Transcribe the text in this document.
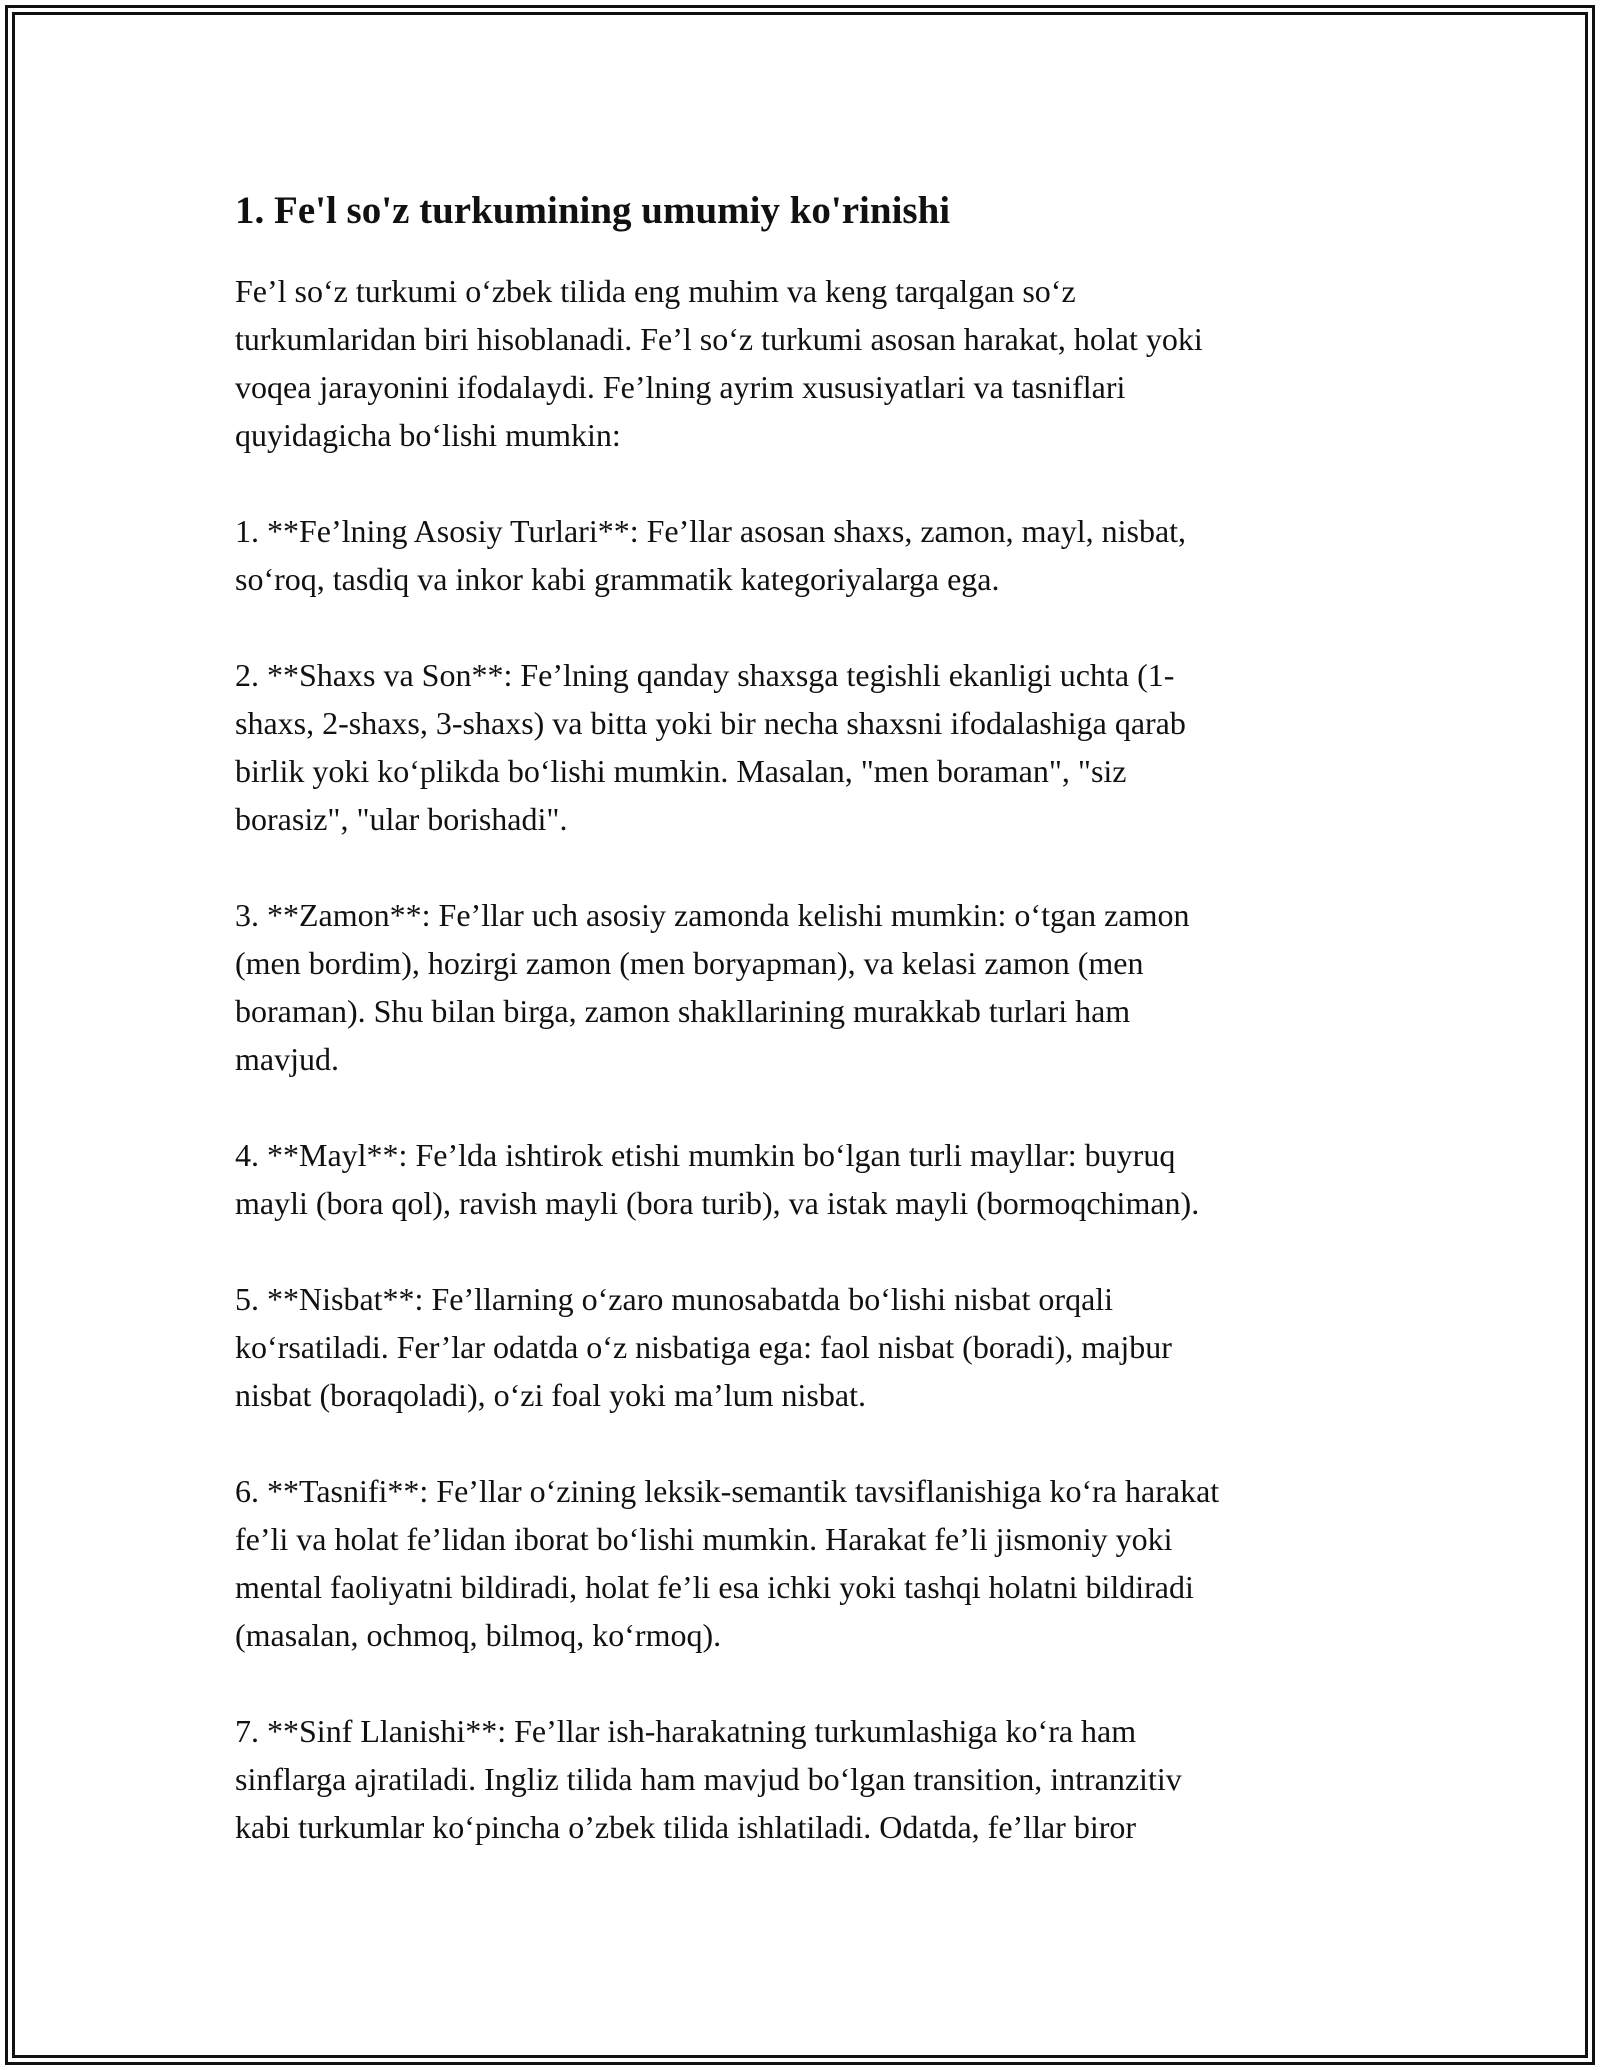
1. Fe'l so'z turkumining umumiy ko'rinishi

Fe’l so‘z turkumi o‘zbek tilida eng muhim va keng tarqalgan so‘z
turkumlaridan biri hisoblanadi. Fe’l so‘z turkumi asosan harakat, holat yoki
voqea jarayonini ifodalaydi. Fe’lning ayrim xususiyatlari va tasniflari
quyidagicha bo‘lishi mumkin:

1. **Fe’lning Asosiy Turlari**: Fe’llar asosan shaxs, zamon, mayl, nisbat,
so‘roq, tasdiq va inkor kabi grammatik kategoriyalarga ega.

2. **Shaxs va Son**: Fe’lning qanday shaxsga tegishli ekanligi uchta (1-
shaxs, 2-shaxs, 3-shaxs) va bitta yoki bir necha shaxsni ifodalashiga qarab
birlik yoki ko‘plikda bo‘lishi mumkin. Masalan, "men boraman", "siz
borasiz", "ular borishadi".

3. **Zamon**: Fe’llar uch asosiy zamonda kelishi mumkin: o‘tgan zamon
(men bordim), hozirgi zamon (men boryapman), va kelasi zamon (men
boraman). Shu bilan birga, zamon shakllarining murakkab turlari ham
mavjud.

4. **Mayl**: Fe’lda ishtirok etishi mumkin bo‘lgan turli mayllar: buyruq
mayli (bora qol), ravish mayli (bora turib), va istak mayli (bormoqchiman).

5. **Nisbat**: Fe’llarning o‘zaro munosabatda bo‘lishi nisbat orqali
ko‘rsatiladi. Fer’lar odatda o‘z nisbatiga ega: faol nisbat (boradi), majbur
nisbat (boraqoladi), o‘zi foal yoki ma’lum nisbat.

6. **Tasnifi**: Fe’llar o‘zining leksik-semantik tavsiflanishiga ko‘ra harakat
fe’li va holat fe’lidan iborat bo‘lishi mumkin. Harakat fe’li jismoniy yoki
mental faoliyatni bildiradi, holat fe’li esa ichki yoki tashqi holatni bildiradi
(masalan, ochmoq, bilmoq, ko‘rmoq).

7. **Sinf Llanishi**: Fe’llar ish-harakatning turkumlashiga ko‘ra ham
sinflarga ajratiladi. Ingliz tilida ham mavjud bo‘lgan transition, intranzitiv
kabi turkumlar ko‘pincha o’zbek tilida ishlatiladi. Odatda, fe’llar biror
